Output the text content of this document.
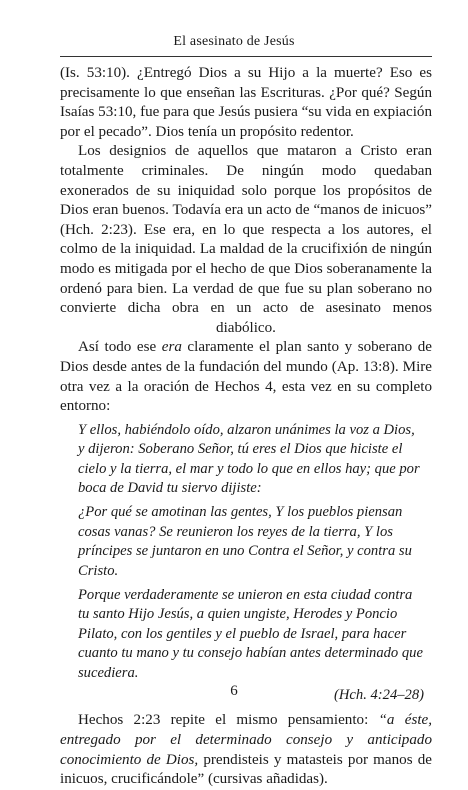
El asesinato de Jesús

(Is. 53:10). ¿Entregó Dios a su Hijo a la muerte? Eso es precisamente lo que enseñan las Escrituras. ¿Por qué? Según Isaías 53:10, fue para que Jesús pusiera “su vida en expiación por el pecado”. Dios tenía un propósito redentor.

Los designios de aquellos que mataron a Cristo eran totalmente criminales. De ningún modo quedaban exonerados de su iniquidad solo porque los propósitos de Dios eran buenos. Todavía era un acto de “manos de inicuos” (Hch. 2:23). Ese era, en lo que respecta a los autores, el colmo de la iniquidad. La maldad de la crucifixión de ningún modo es mitigada por el hecho de que Dios soberanamente la ordenó para bien. La verdad de que fue su plan soberano no convierte dicha obra en un acto de asesinato menos diabólico.

Así todo ese era claramente el plan santo y soberano de Dios desde antes de la fundación del mundo (Ap. 13:8). Mire otra vez a la oración de Hechos 4, esta vez en su completo entorno:

Y ellos, habiéndolo oído, alzaron unánimes la voz a Dios, y dijeron: Soberano Señor, tú eres el Dios que hiciste el cielo y la tierra, el mar y todo lo que en ellos hay; que por boca de David tu siervo dijiste:

¿Por qué se amotinan las gentes, Y los pueblos piensan cosas vanas? Se reunieron los reyes de la tierra, Y los príncipes se juntaron en uno Contra el Señor, y contra su Cristo.

Porque verdaderamente se unieron en esta ciudad contra tu santo Hijo Jesús, a quien ungiste, Herodes y Poncio Pilato, con los gentiles y el pueblo de Israel, para hacer cuanto tu mano y tu consejo habían antes determinado que sucediera.

(Hch. 4:24–28)

Hechos 2:23 repite el mismo pensamiento: “a éste, entregado por el determinado consejo y anticipado conocimiento de Dios, prendisteis y matasteis por manos de inicuos, crucificándole” (cursivas añadidas).

6
